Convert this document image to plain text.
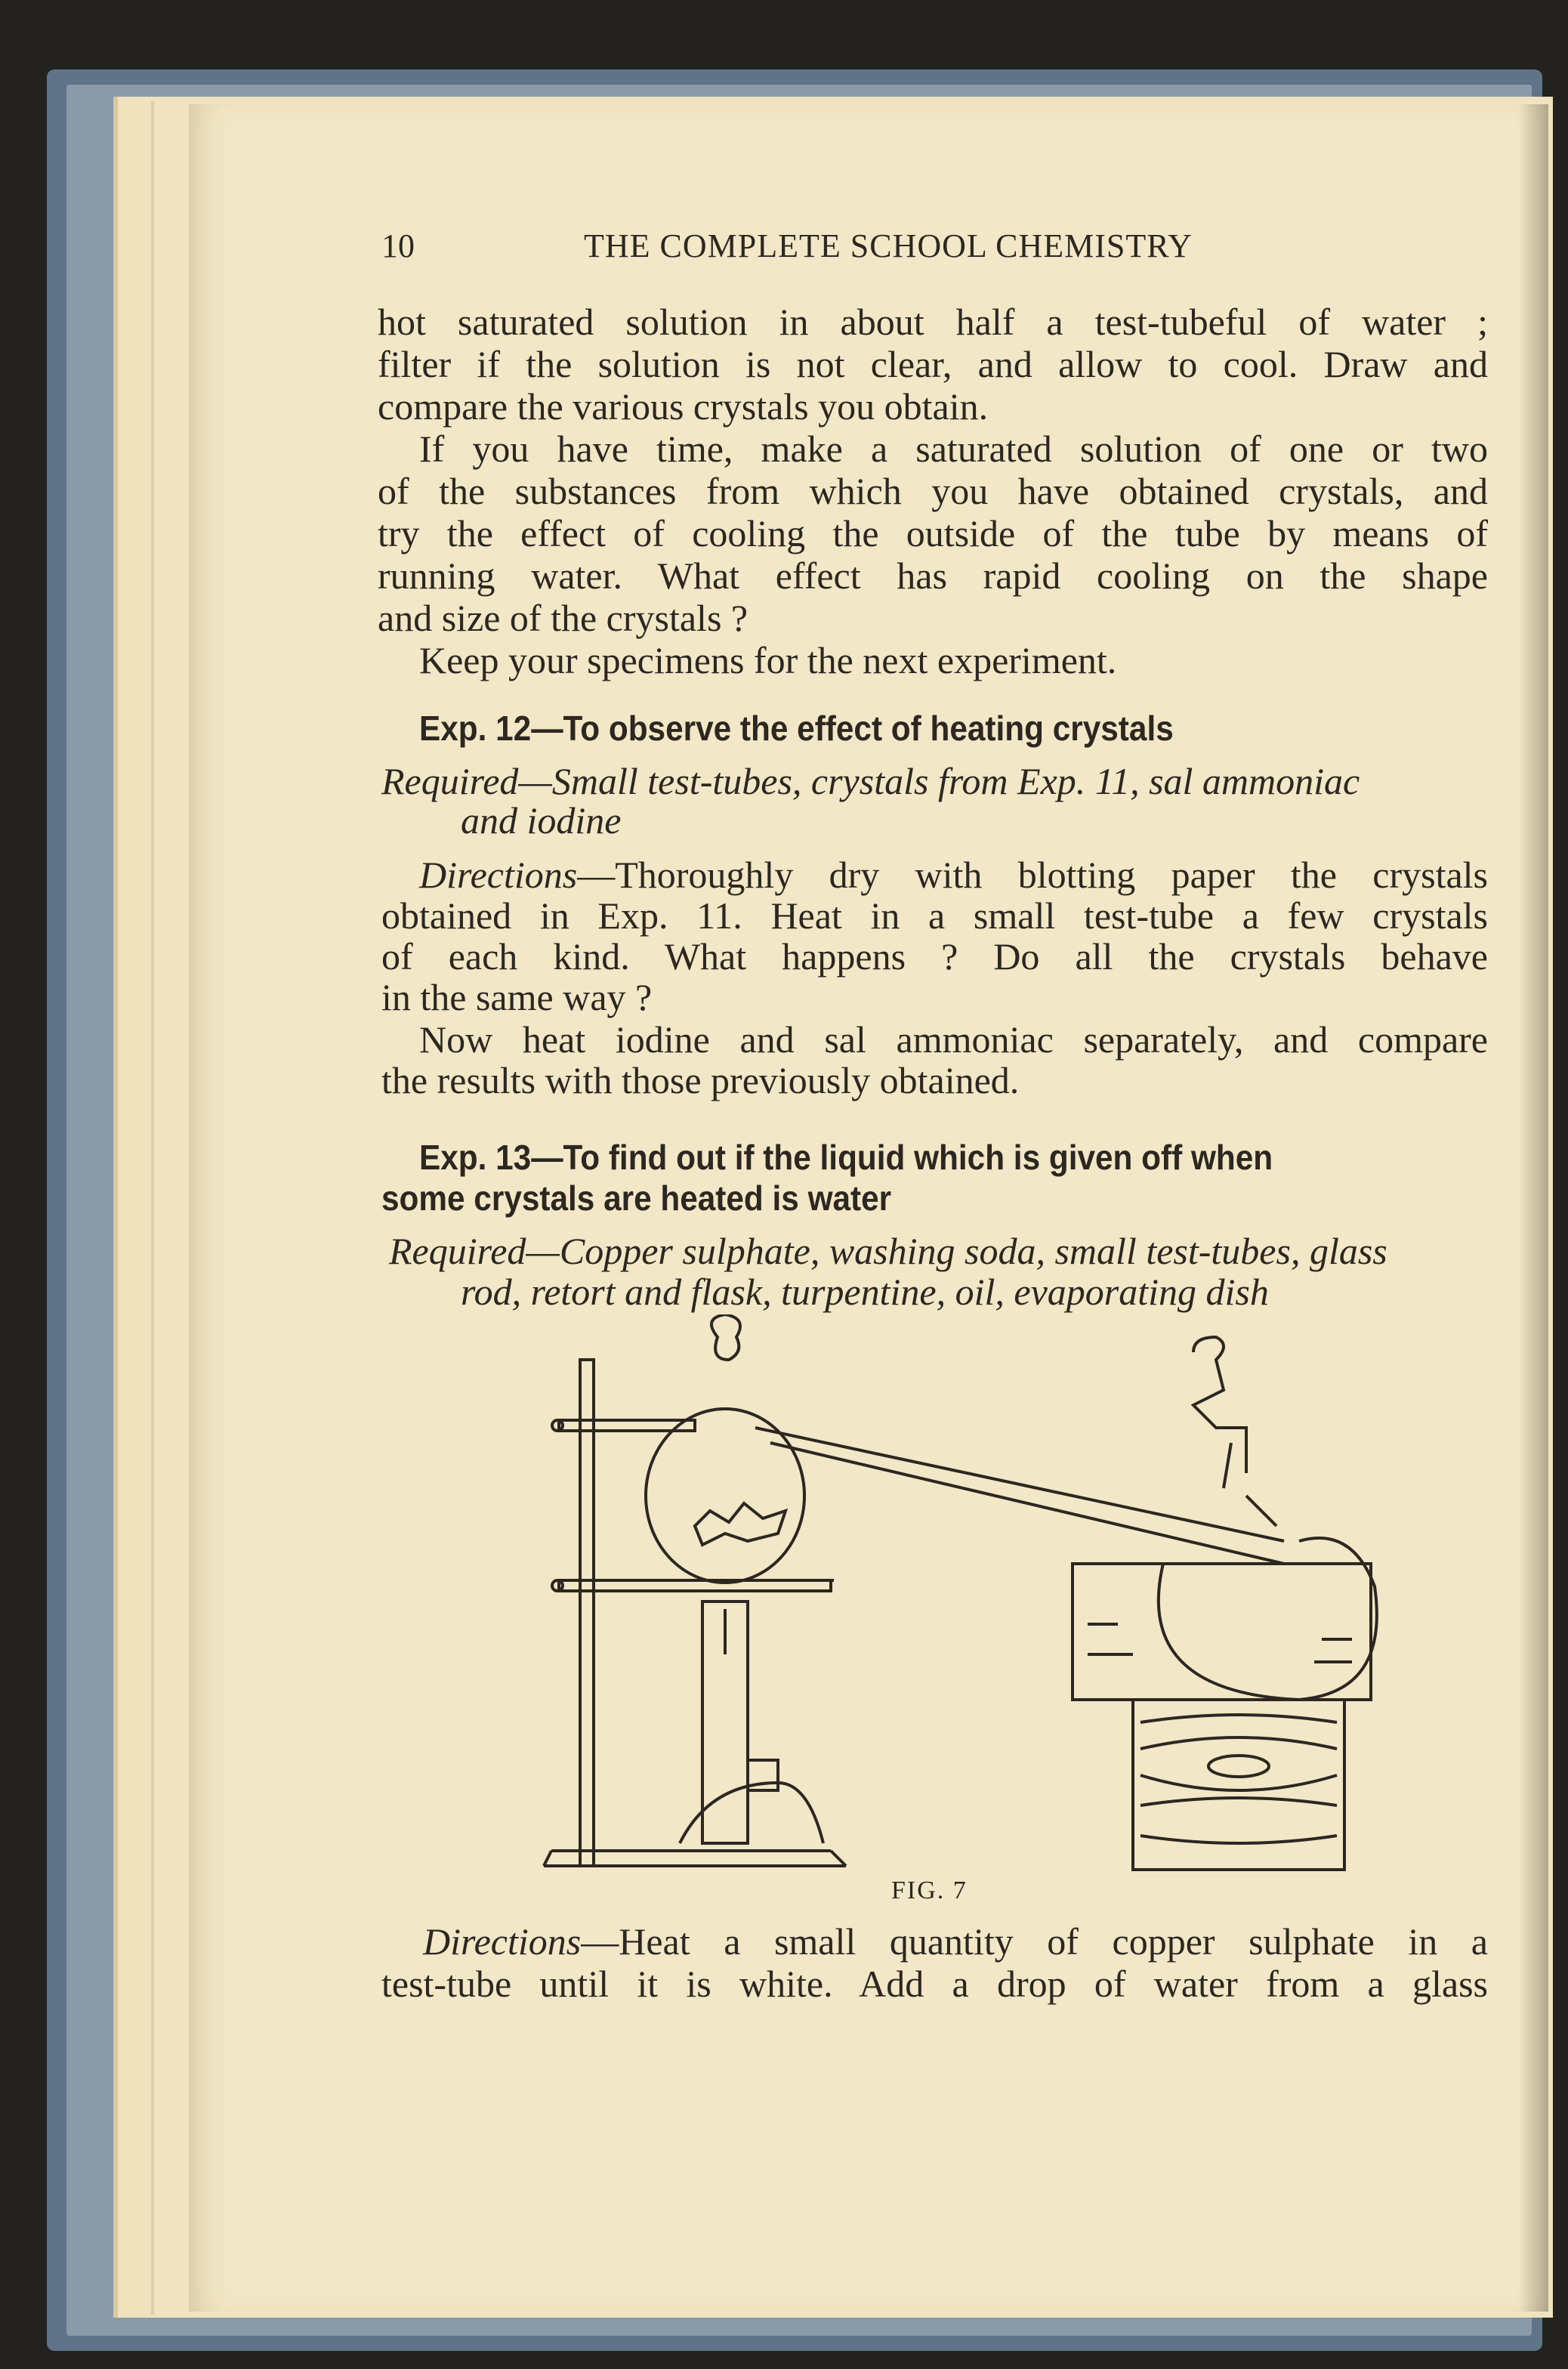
10	THE COMPLETE SCHOOL CHEMISTRY
hot saturated solution in about half a test-tubeful of water ;
filter if the solution is not clear, and allow to cool. Draw and
compare the various crystals you obtain.
If you have time, make a saturated solution of one or two
of the substances from which you have obtained crystals, and
try the effect of cooling the outside of the tube by means of
running water. What effect has rapid cooling on the shape
and size of the crystals ?
Keep your specimens for the next experiment.
Exp. 12—To observe the effect of heating crystals
Required—Small test-tubes, crystals from Exp. 11, sal ammoniac
and iodine
Directions—Thoroughly dry with blotting paper the crystals
obtained in Exp. 11. Heat in a small test-tube a few crystals
of each kind. What happens ? Do all the crystals behave
in the same way ?
Now heat iodine and sal ammoniac separately, and compare
the results with those previously obtained.
Exp. 13—To find out if the liquid which is given off when
some crystals are heated is water
Required—Copper sulphate, washing soda, small test-tubes, glass
rod, retort and flask, turpentine, oil, evaporating dish
FIG. 7
Directions—Heat a small quantity of copper sulphate in a
test-tube until it is white. Add a drop of water from a glass
